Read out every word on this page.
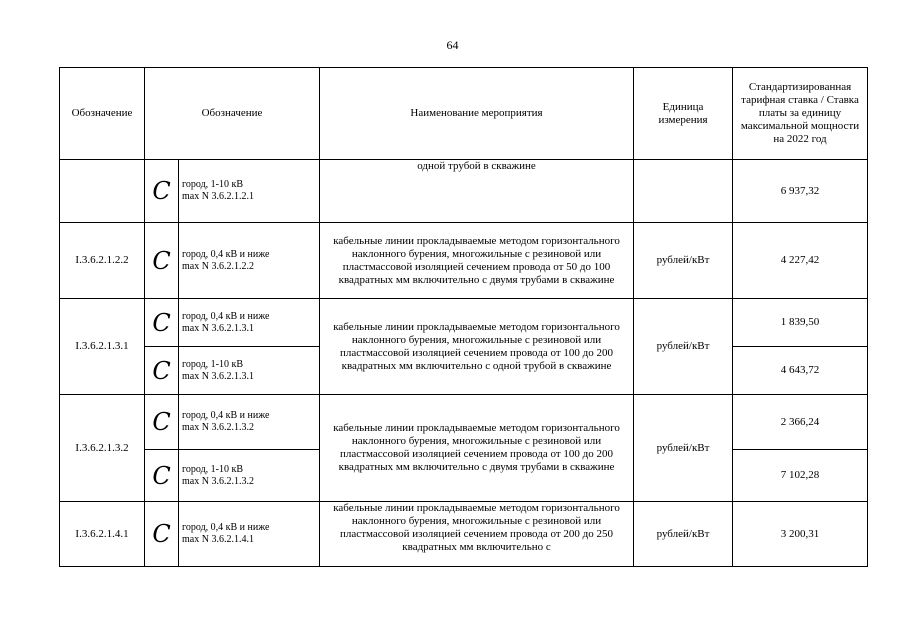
64
Обозначение	Обозначение		Наименование мероприятия	Единица измерения	Стандартизированная тарифная ставка / Ставка платы за единицу максимальной мощности на 2022 год
	C	город, 1-10 кВ
max N 3.6.2.1.2.1	одной трубой в скважине		6 937,32
I.3.6.2.1.2.2	C	город, 0,4 кВ и ниже
max N 3.6.2.1.2.2	кабельные линии прокладываемые методом горизонтального наклонного бурения, многожильные с резиновой или пластмассовой изоляцией сечением провода от 50 до 100 квадратных мм включительно с двумя трубами в скважине	рублей/кВт	4 227,42
I.3.6.2.1.3.1	C	город, 0,4 кВ и ниже
max N 3.6.2.1.3.1	кабельные линии прокладываемые методом горизонтального наклонного бурения, многожильные с резиновой или пластмассовой изоляцией сечением провода от 100 до 200 квадратных мм включительно с одной трубой в скважине	рублей/кВт	1 839,50
	C	город, 1-10 кВ
max N 3.6.2.1.3.1			4 643,72
I.3.6.2.1.3.2	C	город, 0,4 кВ и ниже
max N 3.6.2.1.3.2	кабельные линии прокладываемые методом горизонтального наклонного бурения, многожильные с резиновой или пластмассовой изоляцией сечением провода от 100 до 200 квадратных мм включительно с двумя трубами в скважине	рублей/кВт	2 366,24
	C	город, 1-10 кВ
max N 3.6.2.1.3.2			7 102,28
I.3.6.2.1.4.1	C	город, 0,4 кВ и ниже
max N 3.6.2.1.4.1	кабельные линии прокладываемые методом горизонтального наклонного бурения, многожильные с резиновой или пластмассовой изоляцией сечением провода от 200 до 250 квадратных мм включительно с	рублей/кВт	3 200,31
